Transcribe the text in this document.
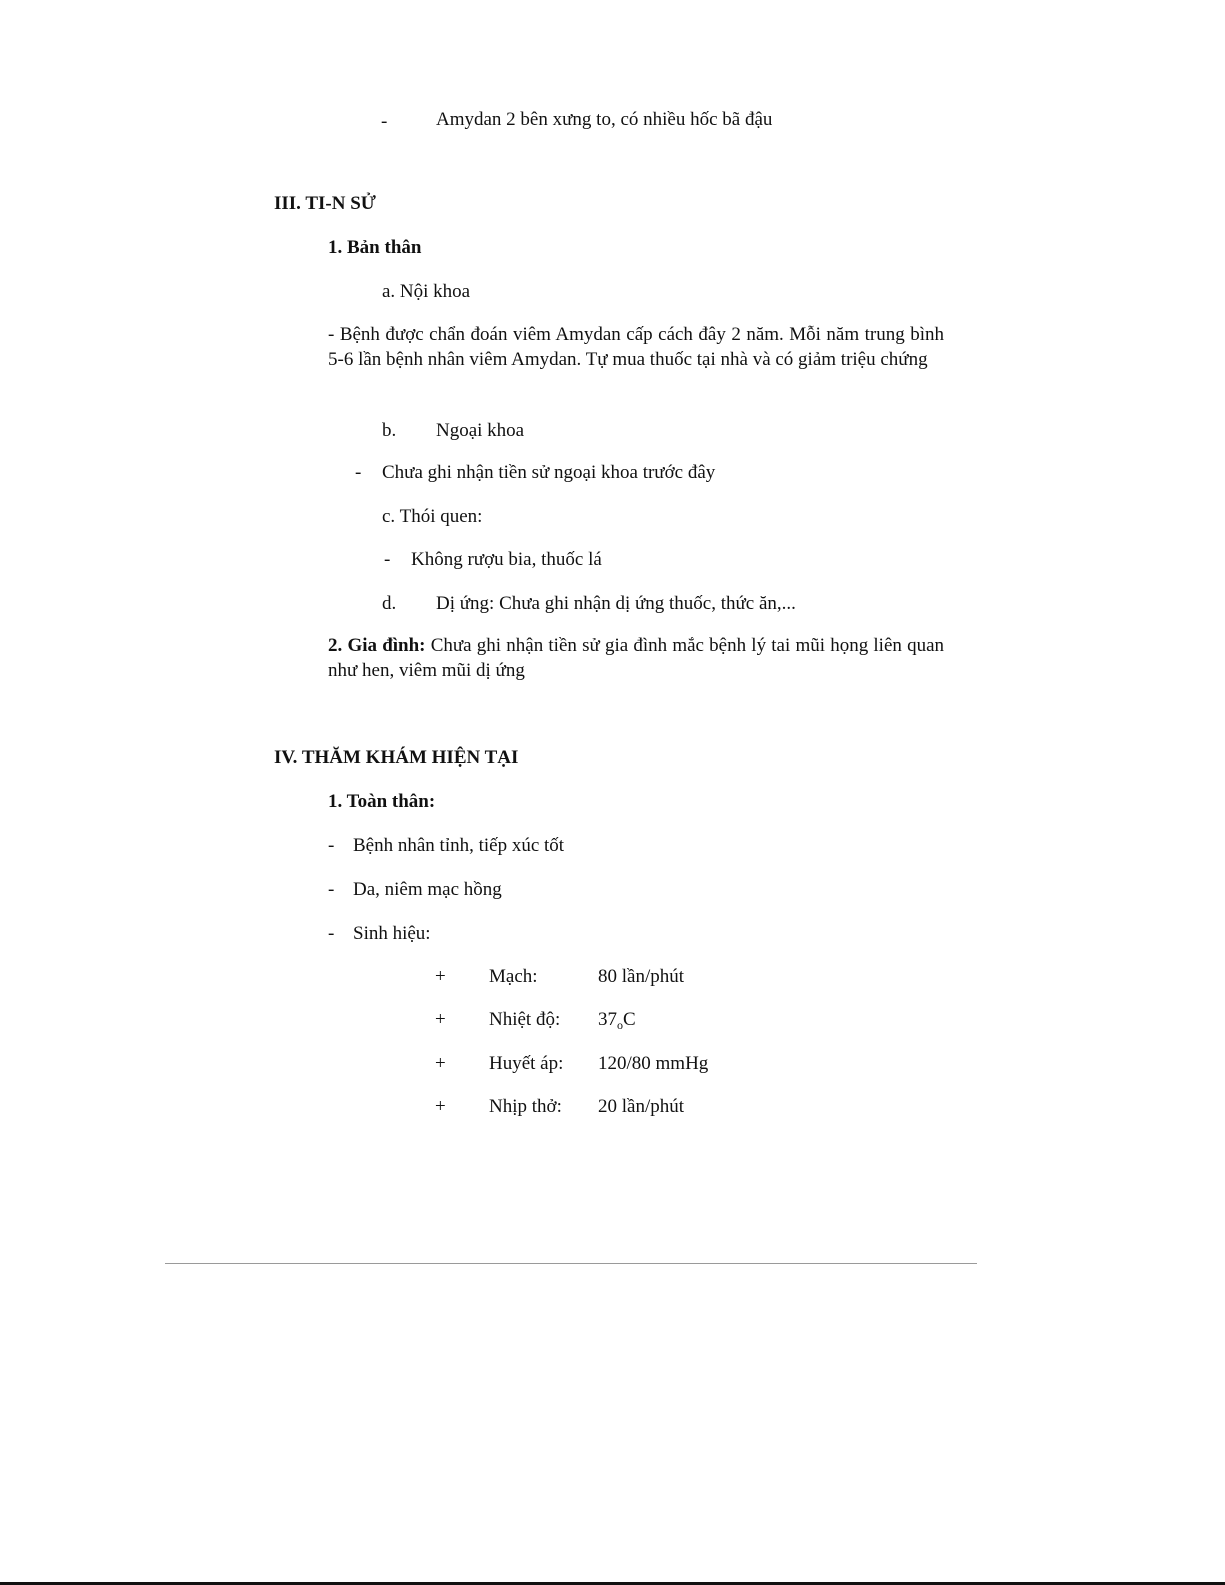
-	Amydan 2 bên xưng to, có nhiều hốc bã đậu
III. TI-N SỬ
1. Bản thân
a. Nội khoa
- Bệnh được chẩn đoán viêm Amydan cấp cách đây 2 năm. Mỗi năm trung bình 5-6 lần bệnh nhân viêm Amydan. Tự mua thuốc tại nhà và có giảm triệu chứng
b. Ngoại khoa
- Chưa ghi nhận tiền sử ngoại khoa trước đây
c. Thói quen:
- Không rượu bia, thuốc lá
d. Dị ứng: Chưa ghi nhận dị ứng thuốc, thức ăn,...
2. Gia đình: Chưa ghi nhận tiền sử gia đình mắc bệnh lý tai mũi họng liên quan như hen, viêm mũi dị ứng
IV. THĂM KHÁM HIỆN TẠI
1. Toàn thân:
- Bệnh nhân tỉnh, tiếp xúc tốt
- Da, niêm mạc hồng
- Sinh hiệu:
+ Mạch:	80 lần/phút
+ Nhiệt độ: $37_oC$
+ Huyết áp: 120/80 mmHg
+ Nhịp thở: 20 lần/phút
